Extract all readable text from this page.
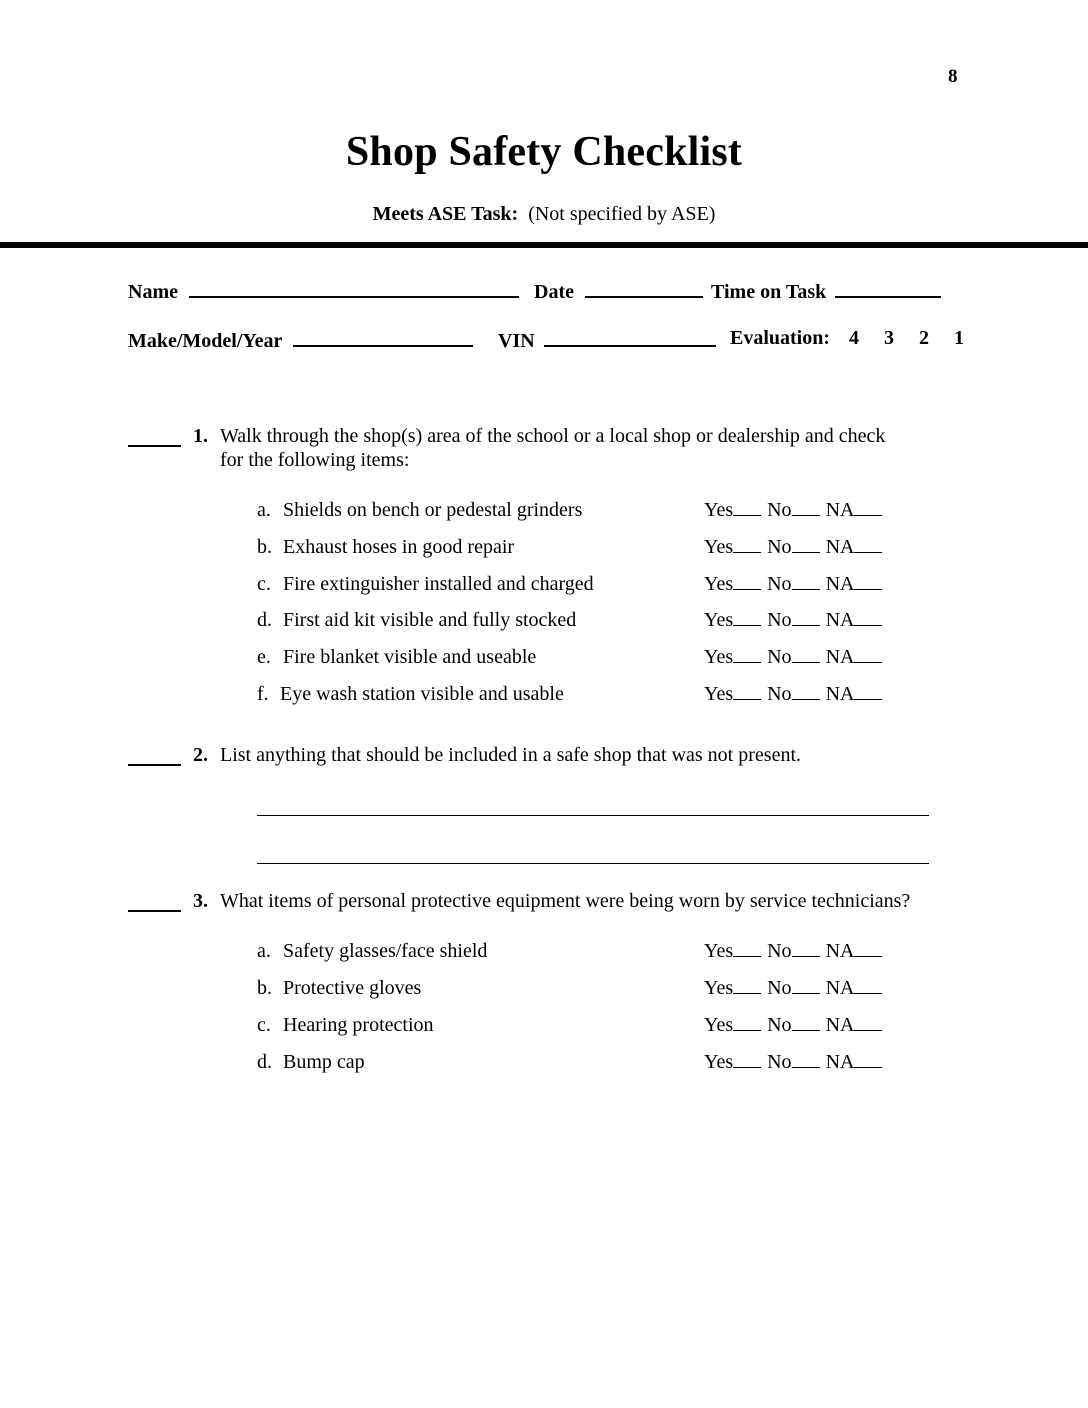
8
Shop Safety Checklist
Meets ASE Task: (Not specified by ASE)
Name	Date	Time on Task
Make/Model/Year	VIN	Evaluation: 4 3 2 1
1. Walk through the shop(s) area of the school or a local shop or dealership and check
for the following items:
a. Shields on bench or pedestal grinders	Yes No NA
b. Exhaust hoses in good repair	Yes No NA
c. Fire extinguisher installed and charged	Yes No NA
d. First aid kit visible and fully stocked	Yes No NA
e. Fire blanket visible and useable	Yes No NA
f. Eye wash station visible and usable	Yes No NA
2. List anything that should be included in a safe shop that was not present.
3. What items of personal protective equipment were being worn by service technicians?
a. Safety glasses/face shield	Yes No NA
b. Protective gloves	Yes No NA
c. Hearing protection	Yes No NA
d. Bump cap	Yes No NA
